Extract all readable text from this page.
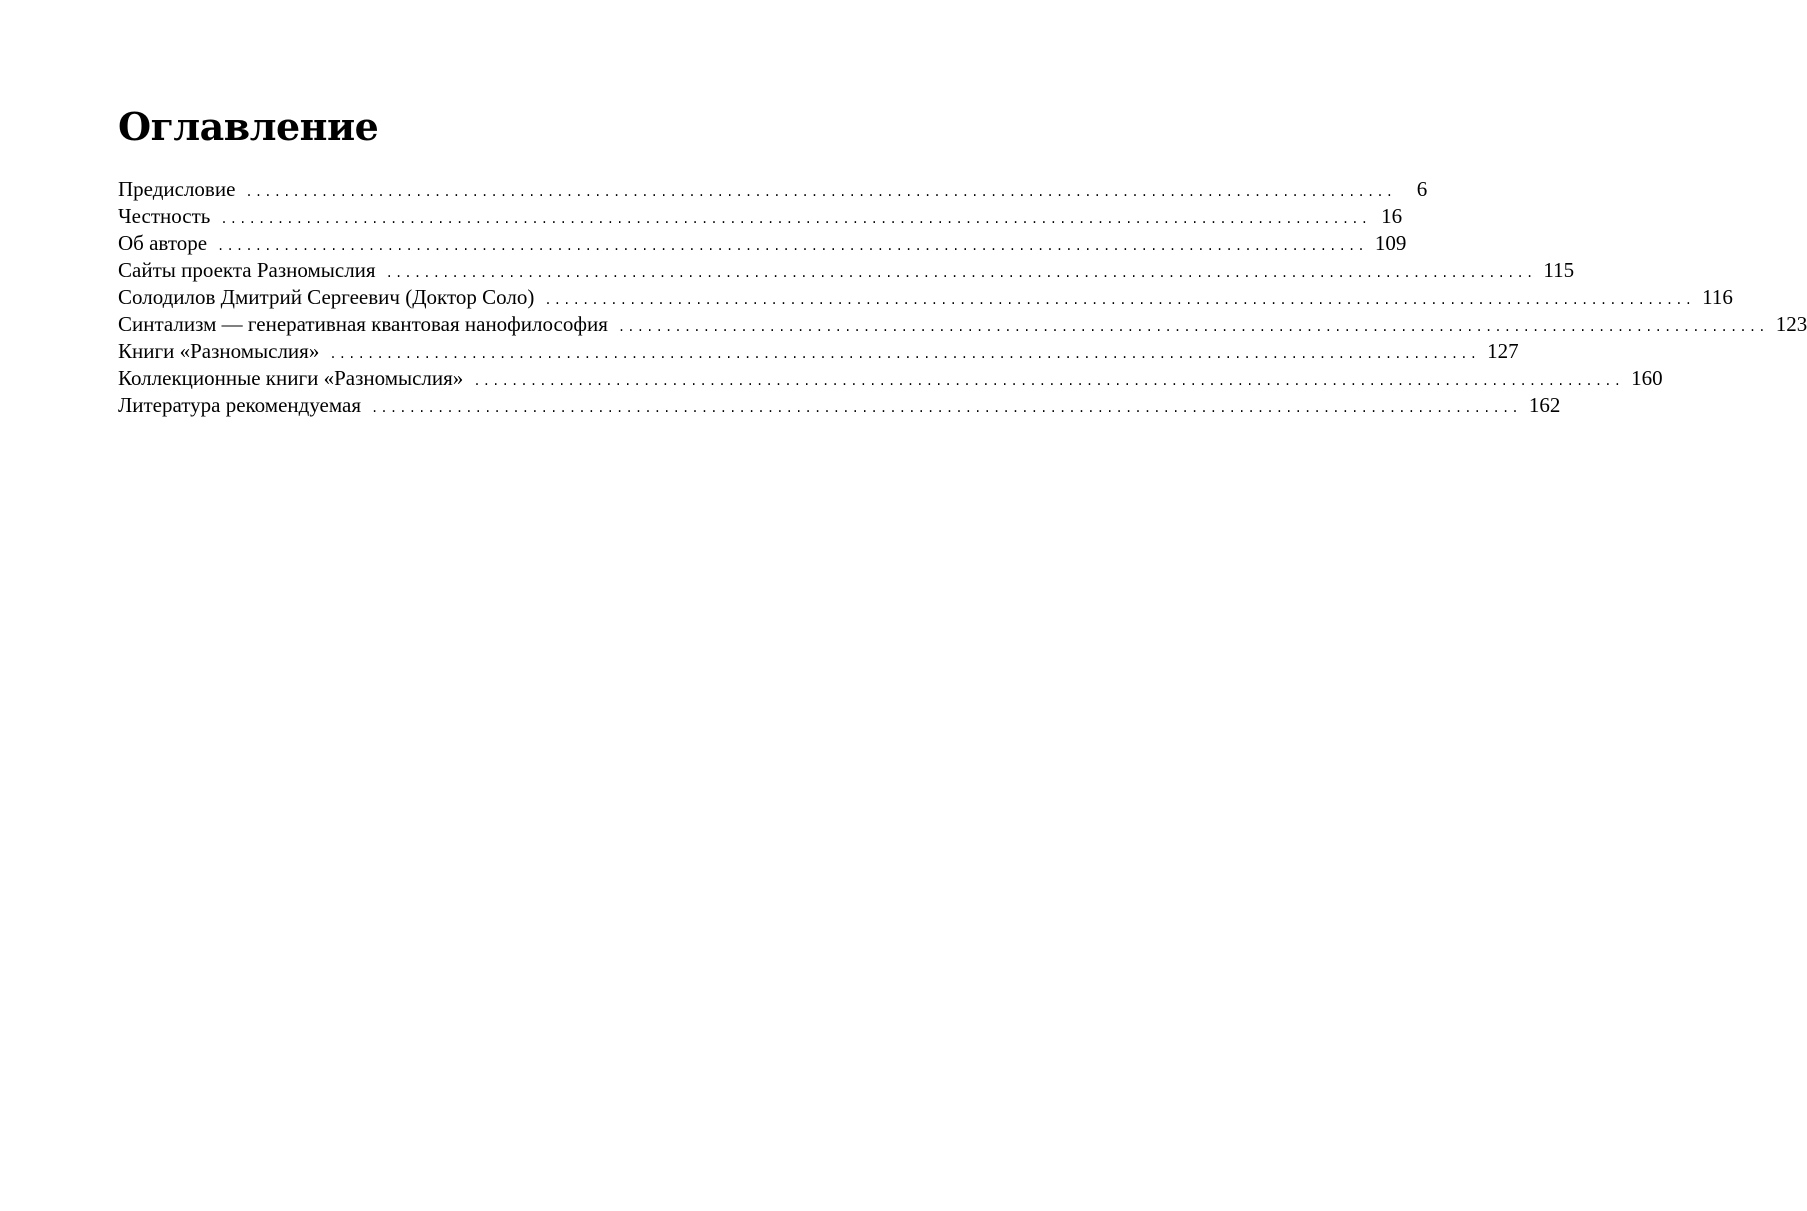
Оглавление
Предисловие ..........................................................................................................................	6
Честность .......................................................................................................................... 16
Об авторе .......................................................................................................................... 109
Сайты проекта Разномыслия .......................................................................................................................... 115
Солодилов Дмитрий Сергеевич (Доктор Соло) .......................................................................................................................... 116
Синтализм — генеративная квантовая нанофилософия .......................................................................................................................... 123
Книги «Разномыслия» .......................................................................................................................... 127
Коллекционные книги «Разномыслия» .......................................................................................................................... 160
Литература рекомендуемая .......................................................................................................................... 162
